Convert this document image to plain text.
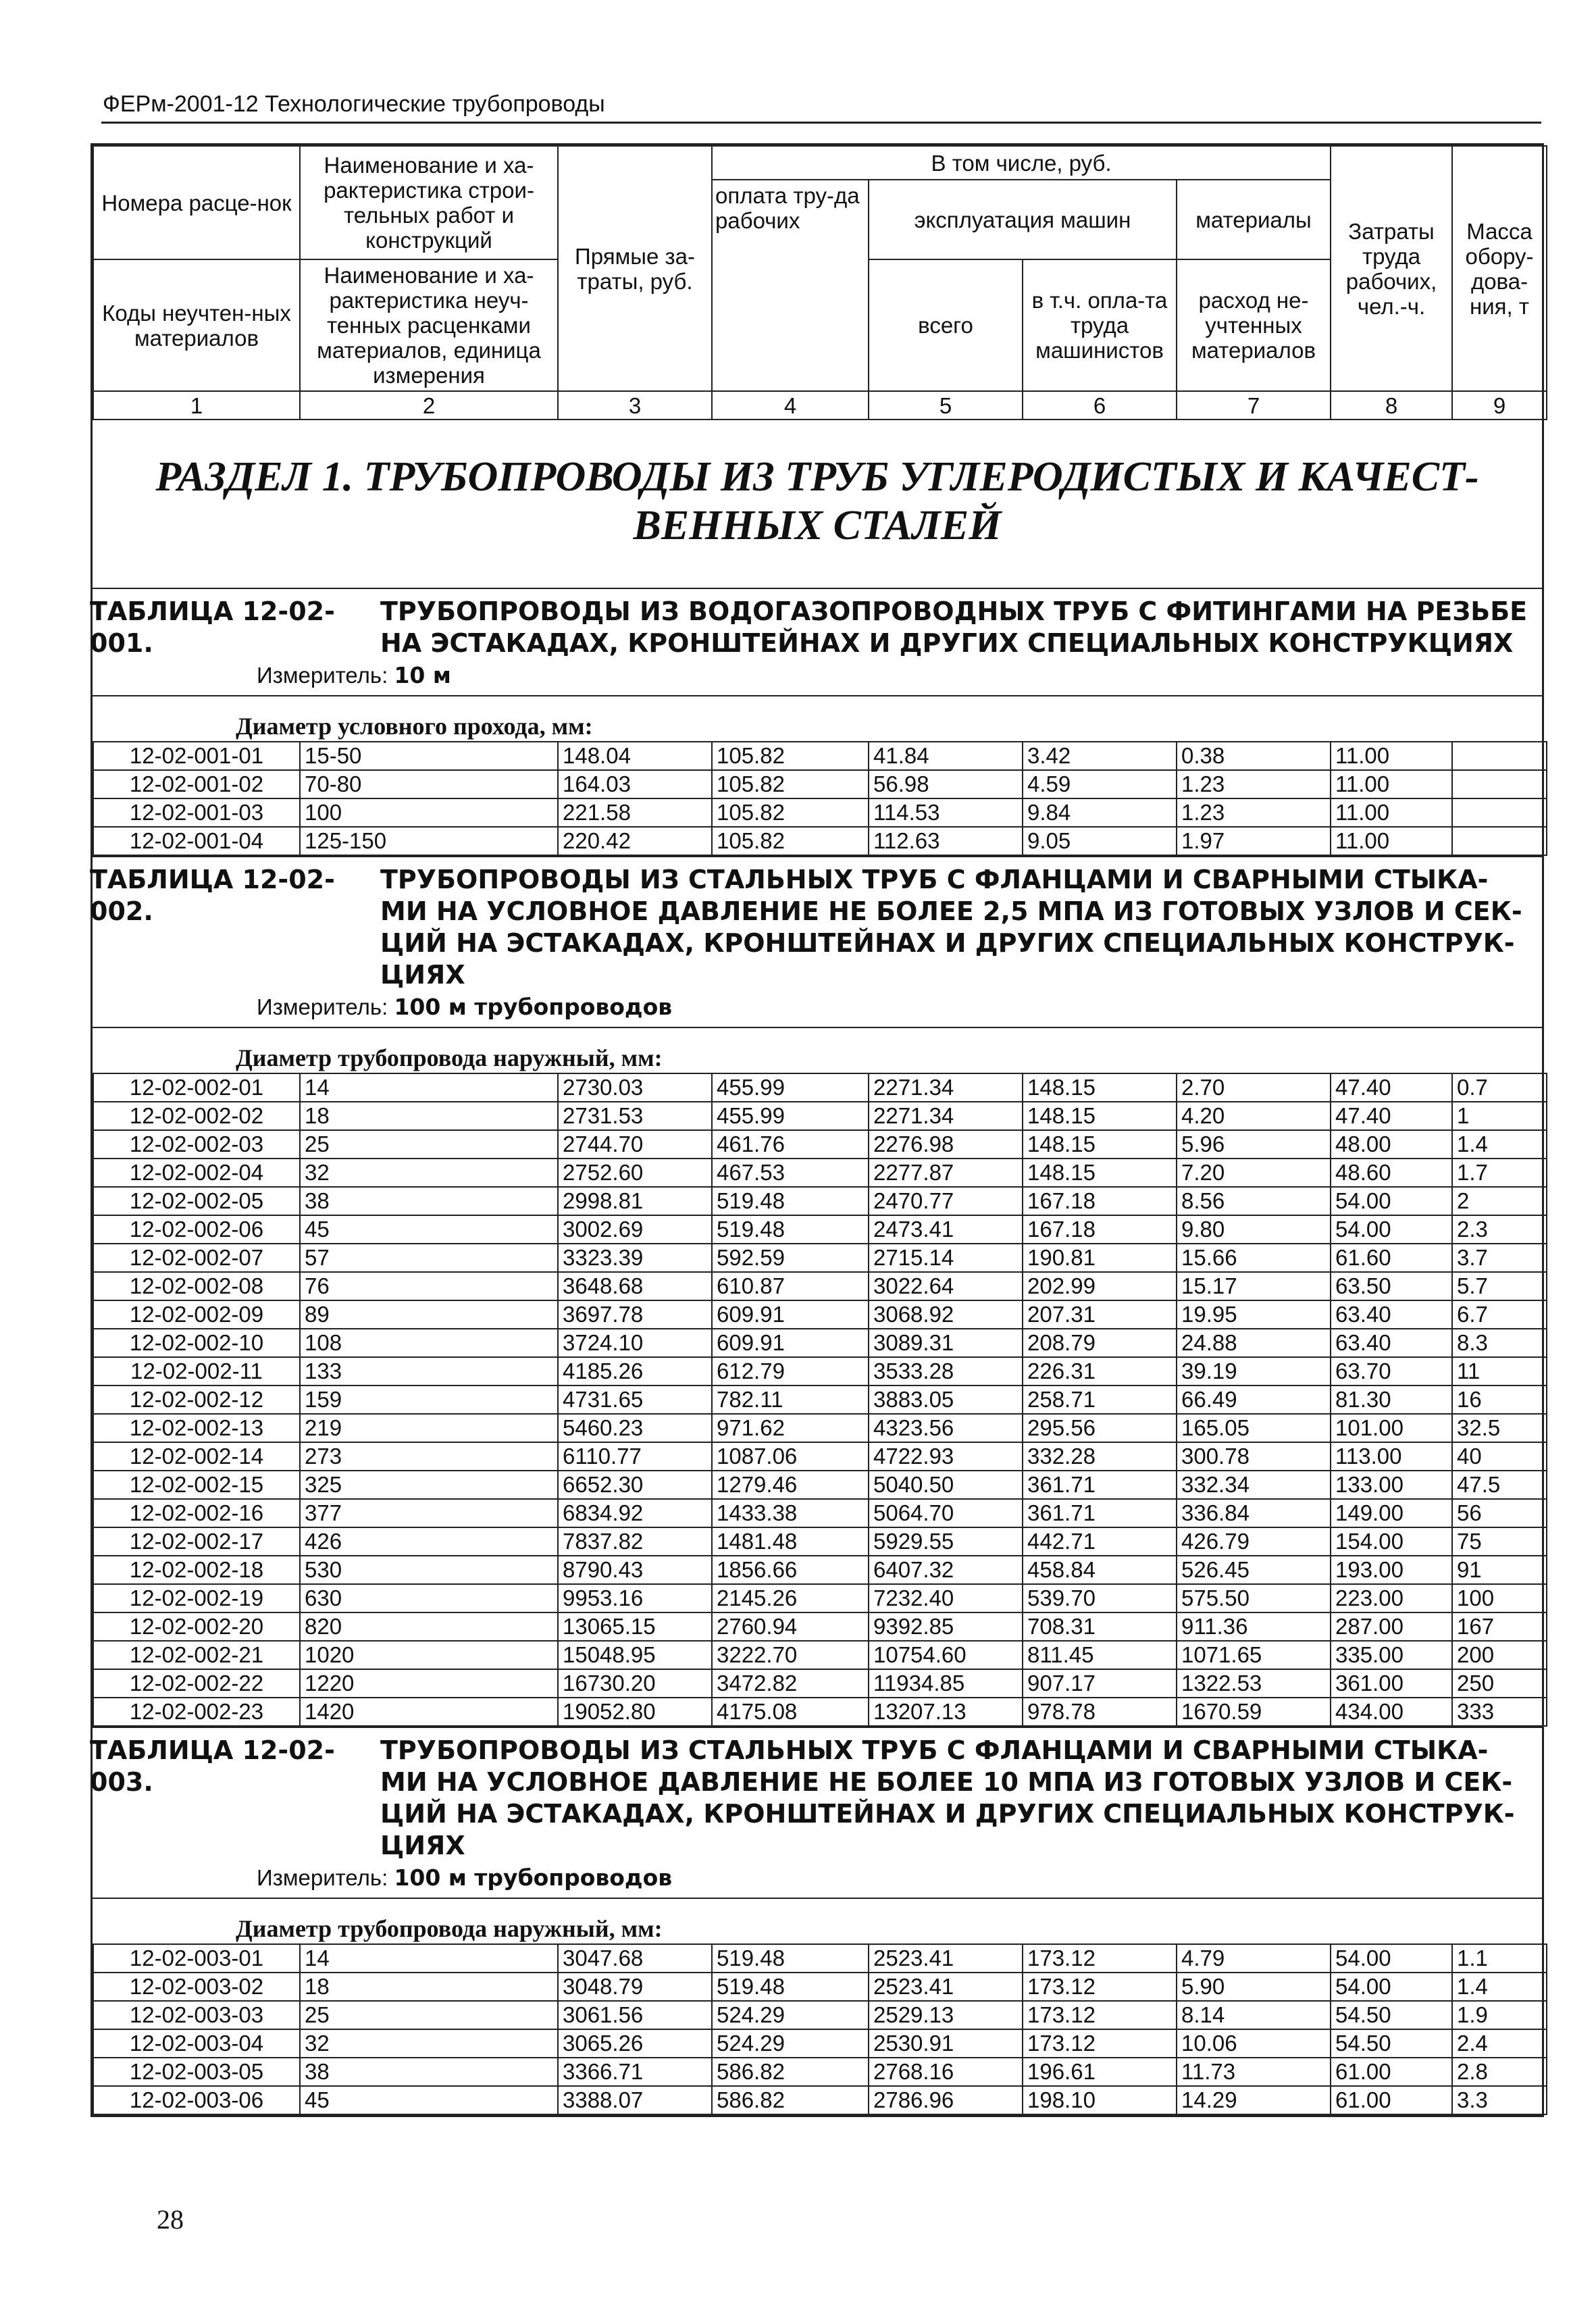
ФЕРм-2001-12 Технологические трубопроводы
Номера расце-нок	Наименование и ха-рактеристика строи-тельных работ и конструкций	Прямые за-траты, руб.	В том числе, руб.				Затраты труда рабочих, чел.-ч.	Масса обору-дова-ния, т
			оплата тру-да рабочих	эксплуатация машин		материалы		
Коды неучтен-ных материалов	Наименование и ха-рактеристика неуч-тенных расценками материалов, единица измерения			всего	в т.ч. опла-та труда машинистов	расход не-учтенных материалов		

1	2	3	4	5	6	7	8	9
РАЗДЕЛ 1. ТРУБОПРОВОДЫ ИЗ ТРУБ УГЛЕРОДИСТЫХ И КАЧЕСТ-ВЕННЫХ СТАЛЕЙ
ТАБЛИЦА 12-02-001.
ТРУБОПРОВОДЫ ИЗ ВОДОГАЗОПРОВОДНЫХ ТРУБ С ФИТИНГАМИ НА РЕЗЬБЕ НА ЭСТАКАДАХ, КРОНШТЕЙНАХ И ДРУГИХ СПЕЦИАЛЬНЫХ КОНСТРУКЦИЯХ
Измеритель: 10 м
Диаметр условного прохода, мм:
12-02-001-01	15-50	148.04	105.82	41.84	3.42	0.38	11.00	
12-02-001-02	70-80	164.03	105.82	56.98	4.59	1.23	11.00	
12-02-001-03	100	221.58	105.82	114.53	9.84	1.23	11.00	
12-02-001-04	125-150	220.42	105.82	112.63	9.05	1.97	11.00	
ТАБЛИЦА 12-02-002.
ТРУБОПРОВОДЫ ИЗ СТАЛЬНЫХ ТРУБ С ФЛАНЦАМИ И СВАРНЫМИ СТЫКА-МИ НА УСЛОВНОЕ ДАВЛЕНИЕ НЕ БОЛЕЕ 2,5 МПА ИЗ ГОТОВЫХ УЗЛОВ И СЕК-ЦИЙ НА ЭСТАКАДАХ, КРОНШТЕЙНАХ И ДРУГИХ СПЕЦИАЛЬНЫХ КОНСТРУК-ЦИЯХ
Измеритель: 100 м трубопроводов
Диаметр трубопровода наружный, мм:
12-02-002-01	14	2730.03	455.99	2271.34	148.15	2.70	47.40	0.7
12-02-002-02	18	2731.53	455.99	2271.34	148.15	4.20	47.40	1
12-02-002-03	25	2744.70	461.76	2276.98	148.15	5.96	48.00	1.4
12-02-002-04	32	2752.60	467.53	2277.87	148.15	7.20	48.60	1.7
12-02-002-05	38	2998.81	519.48	2470.77	167.18	8.56	54.00	2
12-02-002-06	45	3002.69	519.48	2473.41	167.18	9.80	54.00	2.3
12-02-002-07	57	3323.39	592.59	2715.14	190.81	15.66	61.60	3.7
12-02-002-08	76	3648.68	610.87	3022.64	202.99	15.17	63.50	5.7
12-02-002-09	89	3697.78	609.91	3068.92	207.31	19.95	63.40	6.7
12-02-002-10	108	3724.10	609.91	3089.31	208.79	24.88	63.40	8.3
12-02-002-11	133	4185.26	612.79	3533.28	226.31	39.19	63.70	11
12-02-002-12	159	4731.65	782.11	3883.05	258.71	66.49	81.30	16
12-02-002-13	219	5460.23	971.62	4323.56	295.56	165.05	101.00	32.5
12-02-002-14	273	6110.77	1087.06	4722.93	332.28	300.78	113.00	40
12-02-002-15	325	6652.30	1279.46	5040.50	361.71	332.34	133.00	47.5
12-02-002-16	377	6834.92	1433.38	5064.70	361.71	336.84	149.00	56
12-02-002-17	426	7837.82	1481.48	5929.55	442.71	426.79	154.00	75
12-02-002-18	530	8790.43	1856.66	6407.32	458.84	526.45	193.00	91
12-02-002-19	630	9953.16	2145.26	7232.40	539.70	575.50	223.00	100
12-02-002-20	820	13065.15	2760.94	9392.85	708.31	911.36	287.00	167
12-02-002-21	1020	15048.95	3222.70	10754.60	811.45	1071.65	335.00	200
12-02-002-22	1220	16730.20	3472.82	11934.85	907.17	1322.53	361.00	250
12-02-002-23	1420	19052.80	4175.08	13207.13	978.78	1670.59	434.00	333
ТАБЛИЦА 12-02-003.
ТРУБОПРОВОДЫ ИЗ СТАЛЬНЫХ ТРУБ С ФЛАНЦАМИ И СВАРНЫМИ СТЫКА-МИ НА УСЛОВНОЕ ДАВЛЕНИЕ НЕ БОЛЕЕ 10 МПА ИЗ ГОТОВЫХ УЗЛОВ И СЕК-ЦИЙ НА ЭСТАКАДАХ, КРОНШТЕЙНАХ И ДРУГИХ СПЕЦИАЛЬНЫХ КОНСТРУК-ЦИЯХ
Измеритель: 100 м трубопроводов
Диаметр трубопровода наружный, мм:
12-02-003-01	14	3047.68	519.48	2523.41	173.12	4.79	54.00	1.1
12-02-003-02	18	3048.79	519.48	2523.41	173.12	5.90	54.00	1.4
12-02-003-03	25	3061.56	524.29	2529.13	173.12	8.14	54.50	1.9
12-02-003-04	32	3065.26	524.29	2530.91	173.12	10.06	54.50	2.4
12-02-003-05	38	3366.71	586.82	2768.16	196.61	11.73	61.00	2.8
12-02-003-06	45	3388.07	586.82	2786.96	198.10	14.29	61.00	3.3
28
